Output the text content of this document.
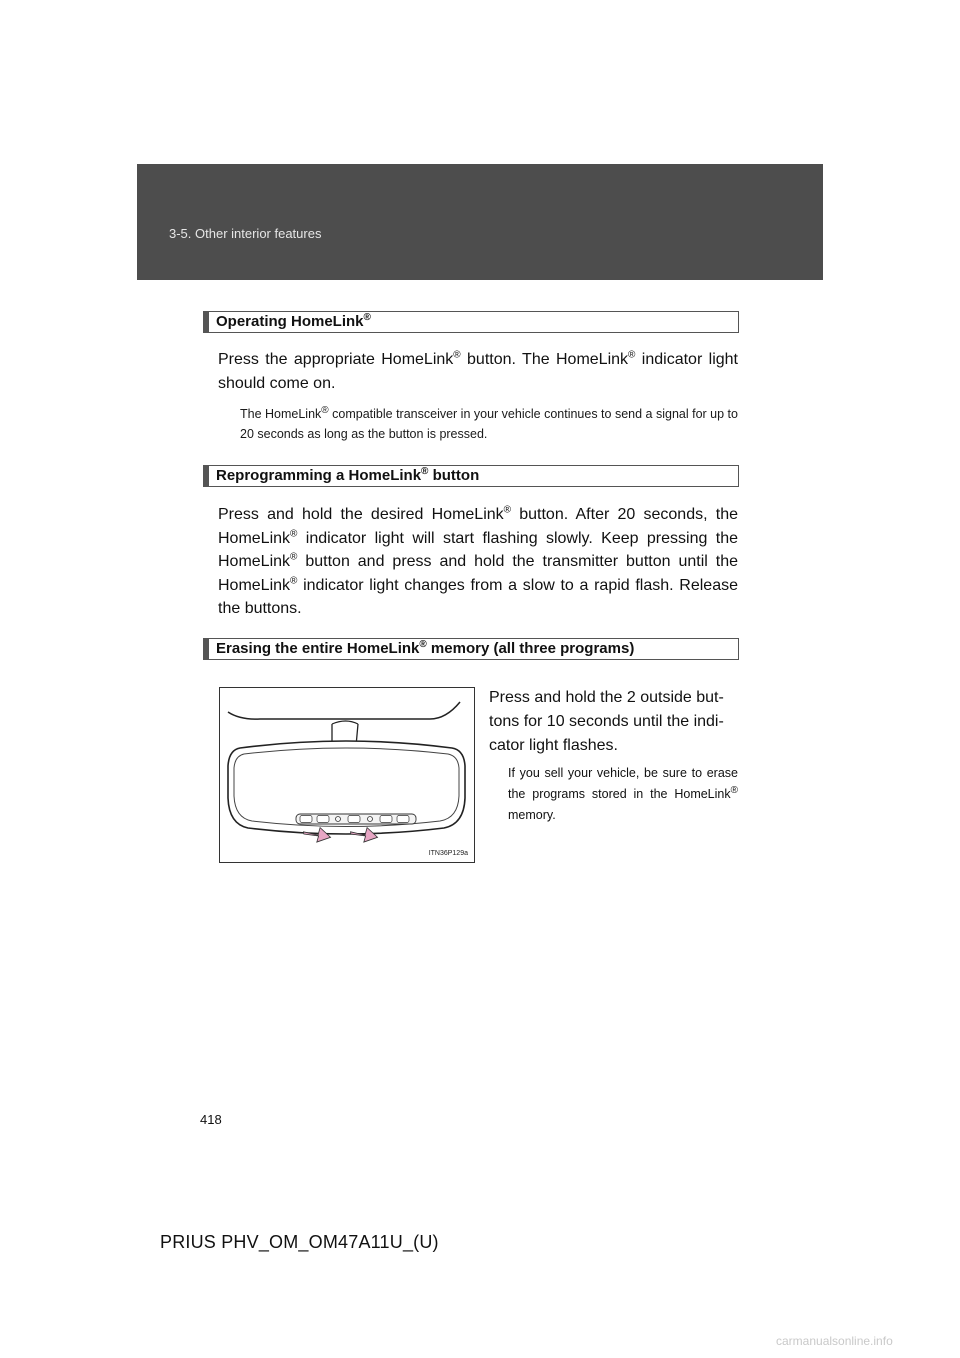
3-5. Other interior features
Operating HomeLink®
Press the appropriate HomeLink® button. The HomeLink® indicator light should come on.
The HomeLink® compatible transceiver in your vehicle continues to send a signal for up to 20 seconds as long as the button is pressed.
Reprogramming a HomeLink® button
Press and hold the desired HomeLink® button. After 20 seconds, the HomeLink® indicator light will start flashing slowly. Keep pressing the HomeLink® button and press and hold the transmitter button until the HomeLink® indicator light changes from a slow to a rapid flash. Release the buttons.
Erasing the entire HomeLink® memory (all three programs)
ITN36P129a
Press and hold the 2 outside but-
tons for 10 seconds until the indi-
cator light flashes.
If you sell your vehicle, be sure to erase the programs stored in the HomeLink® memory.
418
PRIUS PHV_OM_OM47A11U_(U)
carmanualsonline.info
